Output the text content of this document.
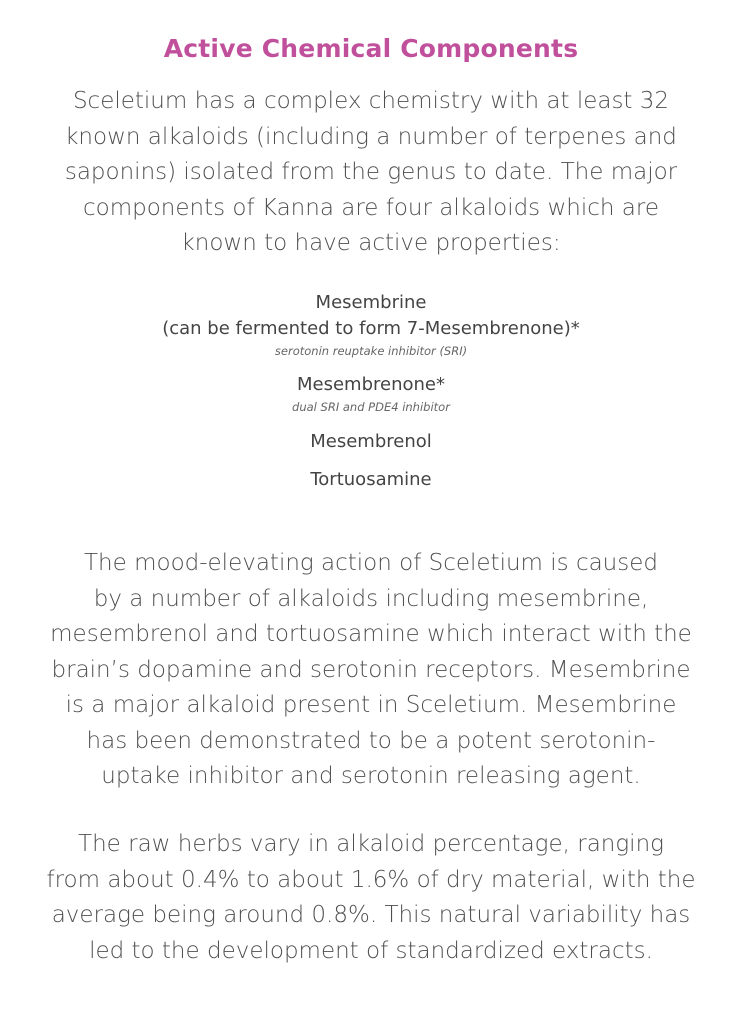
Active Chemical Components
Sceletium has a complex chemistry with at least 32
known alkaloids (including a number of terpenes and
saponins) isolated from the genus to date. The major
components of Kanna are four alkaloids which are
known to have active properties:
Mesembrine
(can be fermented to form 7-Mesembrenone)*
serotonin reuptake inhibitor (SRI)
Mesembrenone*
dual SRI and PDE4 inhibitor
Mesembrenol
Tortuosamine
The mood-elevating action of Sceletium is caused
by a number of alkaloids including mesembrine,
mesembrenol and tortuosamine which interact with the
brain’s dopamine and serotonin receptors. Mesembrine
is a major alkaloid present in Sceletium. Mesembrine
has been demonstrated to be a potent serotonin-
uptake inhibitor and serotonin releasing agent.
The raw herbs vary in alkaloid percentage, ranging
from about 0.4% to about 1.6% of dry material, with the
average being around 0.8%. This natural variability has
led to the development of standardized extracts.
